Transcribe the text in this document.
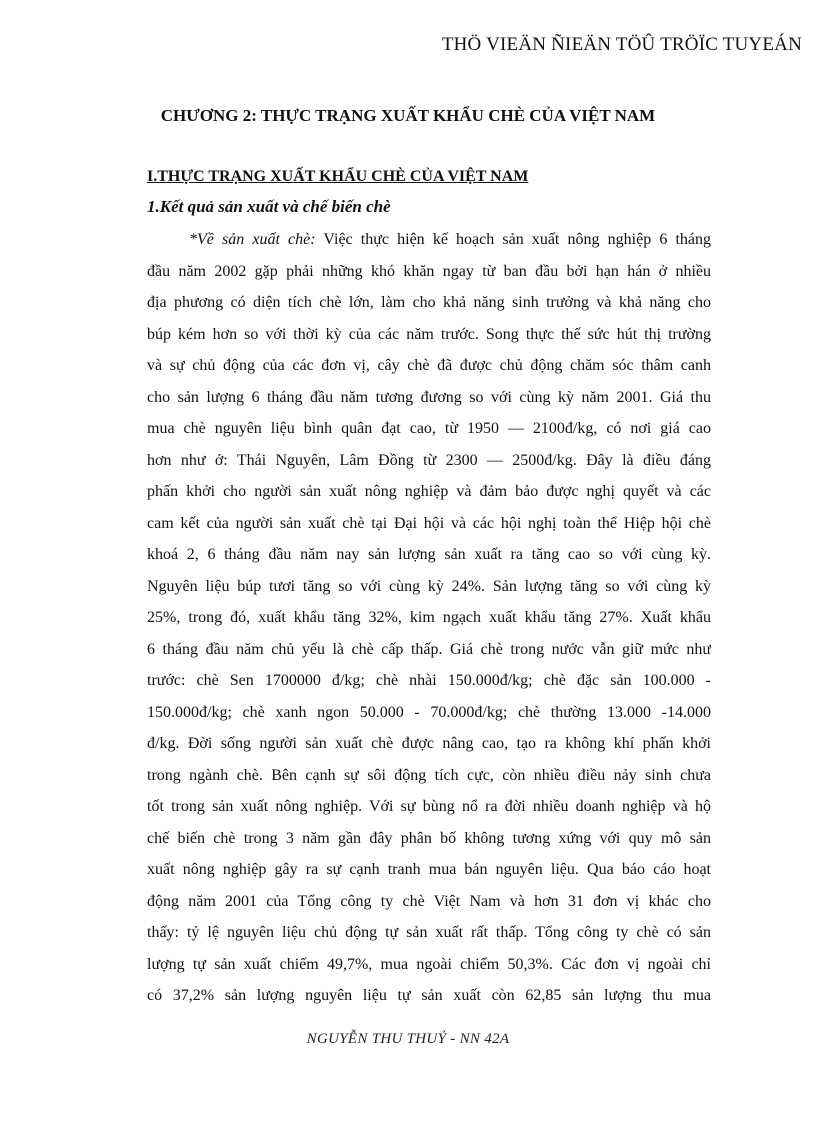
THÖ VIEÄN ÑIEÄN TÖÛ TRÖÏC TUYEÁN
CHƯƠNG 2: THỰC TRẠNG XUẤT KHẨU CHÈ CỦA VIỆT NAM
I.THỰC TRẠNG XUẤT KHẨU CHÈ CỦA VIỆT NAM
1.Kết quả sản xuất và chế biến chè
*Về sản xuất chè: Việc thực hiện kế hoạch sản xuất nông nghiệp 6 tháng
đầu năm 2002 gặp phải những khó khăn ngay từ ban đầu bởi hạn hán ở nhiều
địa phương có diện tích chè lớn, làm cho khả năng sinh trưởng và khả năng cho
búp kém hơn so với thời kỳ của các năm trước. Song thực thế sức hút thị trường
và sự chủ động của các đơn vị, cây chè đã được chủ động chăm sóc thâm canh
cho sản lượng 6 tháng đầu năm tương đương so với cùng kỳ năm 2001. Giá thu
mua chè nguyên liệu bình quân đạt cao, từ 1950 — 2100đ/kg, có nơi giá cao
hơn như ở: Thái Nguyên, Lâm Đồng từ 2300 — 2500đ/kg. Đây là điều đáng
phấn khởi cho người sản xuất nông nghiệp và đảm bảo được nghị quyết và các
cam kết của người sản xuất chè tại Đại hội và các hội nghị toàn thể Hiệp hội chè
khoá 2, 6 tháng đầu năm nay sản lượng sản xuất ra tăng cao so với cùng kỳ.
Nguyên liệu búp tươi tăng so với cùng kỳ 24%. Sản lượng tăng so với cùng kỳ
25%, trong đó, xuất khẩu tăng 32%, kim ngạch xuất khẩu tăng 27%. Xuất khẩu
6 tháng đầu năm chủ yếu là chè cấp thấp. Giá chè trong nước vẫn giữ mức như
trước: chè Sen 1700000 đ/kg; chè nhài 150.000đ/kg; chè đặc sản 100.000 -
150.000đ/kg; chè xanh ngon 50.000 - 70.000đ/kg; chè thường 13.000 -14.000
đ/kg. Đời sống người sản xuất chè được nâng cao, tạo ra không khí phấn khởi
trong ngành chè. Bên cạnh sự sôi động tích cực, còn nhiều điều nảy sinh chưa
tốt trong sản xuất nông nghiệp. Với sự bùng nổ ra đời nhiều doanh nghiệp và hộ
chế biến chè trong 3 năm gần đây phân bố không tương xứng với quy mô sản
xuất nông nghiệp gây ra sự cạnh tranh mua bán nguyên liệu. Qua báo cáo hoạt
động năm 2001 của Tổng công ty chè Việt Nam và hơn 31 đơn vị khác cho
thấy: tỷ lệ nguyên liệu chủ động tự sản xuất rất thấp. Tổng công ty chè có sản
lượng tự sản xuất chiếm 49,7%, mua ngoài chiếm 50,3%. Các đơn vị ngoài chỉ
có 37,2% sản lượng nguyên liệu tự sản xuất còn 62,85 sản lượng thu mua
NGUYỄN THU THUỶ - NN 42A
